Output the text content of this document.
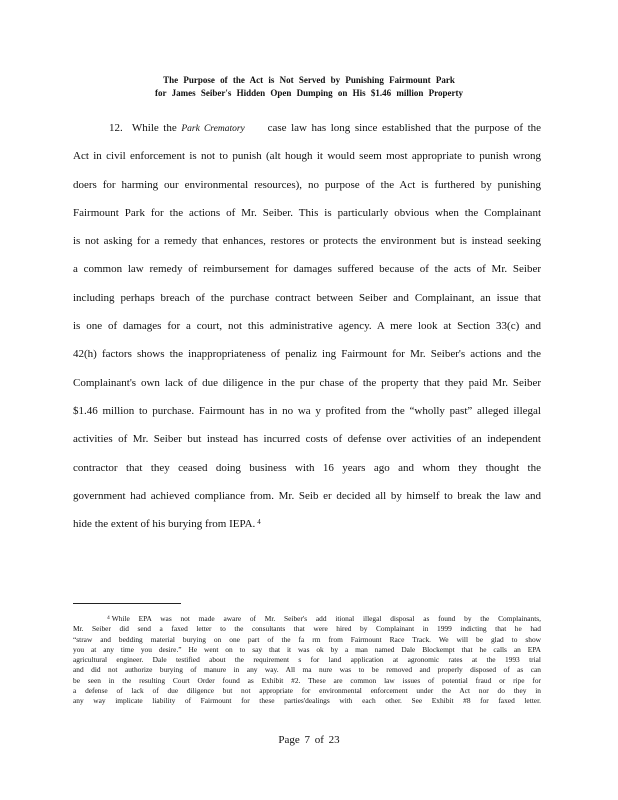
The Purpose of the Act is Not Served by Punishing Fairmount Park
for James Seiber's Hidden Open Dumping on His $1.46 million Property
12. While the Park Crematory case law has long since established that the purpose of the
Act in civil enforcement is not to punish (alt hough it would seem most appropriate to punish wrong
doers for harming our environmental resources), no purpose of the Act is furthered by punishing
Fairmount Park for the actions of Mr. Seiber. This is particularly obvious when the Complainant
is not asking for a remedy that enhances, restores or protects the environment but is instead seeking
a common law remedy of reimbursement for damages suffered because of the acts of Mr. Seiber
including perhaps breach of the purchase contract between Seiber and Complainant, an issue that
is one of damages for a court, not this administrative agency. A mere look at Section 33(c) and
42(h) factors shows the inappropriateness of penaliz ing Fairmount for Mr. Seiber's actions and the
Complainant's own lack of due diligence in the pur chase of the property that they paid Mr. Seiber
$1.46 million to purchase. Fairmount has in no wa y profited from the “wholly past” alleged illegal
activities of Mr. Seiber but instead has incurred costs of defense over activities of an independent
contractor that they ceased doing business with 16 years ago and whom they thought the
government had achieved compliance from. Mr. Seib er decided all by himself to break the law and
hide the extent of his burying from IEPA. $^4$
$^4$ While EPA was not made aware of Mr. Seiber's add itional illegal disposal as found by the Complainants,
Mr. Seiber did send a faxed letter to the consultants that were hired by Complainant in 1999 indicting that he had
“straw and bedding material burying on one part of the fa rm from Fairmount Race Track. We will be glad to show
you at any time you desire.” He went on to say that it was ok by a man named Dale Blockempt that he calls an EPA
agricultural engineer. Dale testified about the requirement s for land application at agronomic rates at the 1993 trial
and did not authorize burying of manure in any way. All ma nure was to be removed and properly disposed of as can
be seen in the resulting Court Order found as Exhibit #2. These are common law issues of potential fraud or ripe for
a defense of lack of due diligence but not appropriate for environmental enforcement under the Act nor do they in
any way implicate liability of Fairmount for these parties'dealings with each other. See Exhibit #8 for faxed letter.
Page 7 of 23
